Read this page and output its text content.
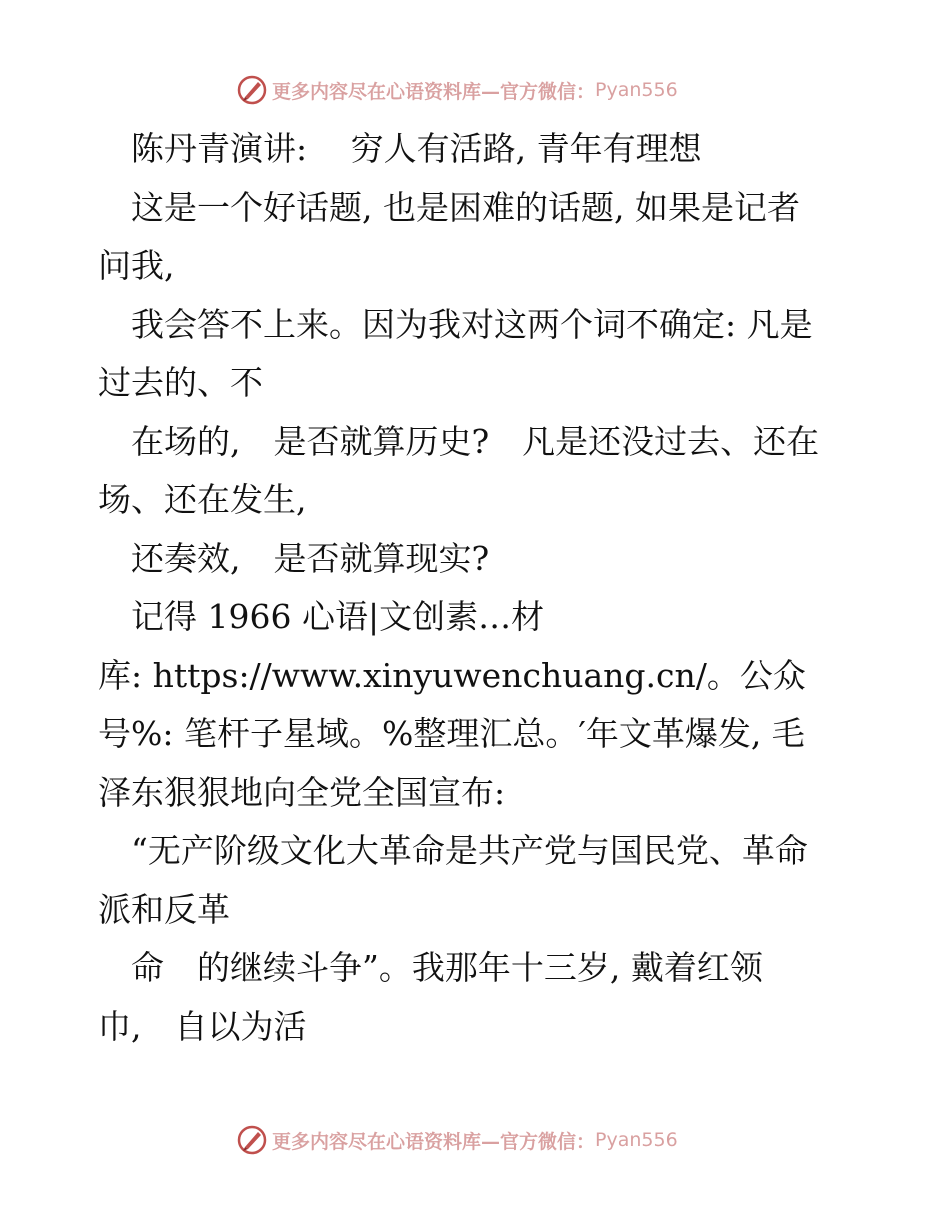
更多内容尽在心语资料库—官方微信： Pyan556
　陈丹青演讲:　 穷人有活路, 青年有理想
　这是一个好话题, 也是困难的话题, 如果是记者
问我,
　我会答不上来。因为我对这两个词不确定: 凡是
过去的、不
　在场的,　是否就算历史?　凡是还没过去、还在
场、还在发生,
　还奏效,　是否就算现实?
　记得 1966 心语|文创素…材
库: https://www.xinyuwenchuang.cn/。公众
号%: 笔杆子星域。%整理汇总。′年文革爆发, 毛
泽东狠狠地向全党全国宣布:
　“无产阶级文化大革命是共产党与国民党、革命
派和反革
　命　的继续斗争”。我那年十三岁, 戴着红领
巾,　自以为活
更多内容尽在心语资料库—官方微信： Pyan556
